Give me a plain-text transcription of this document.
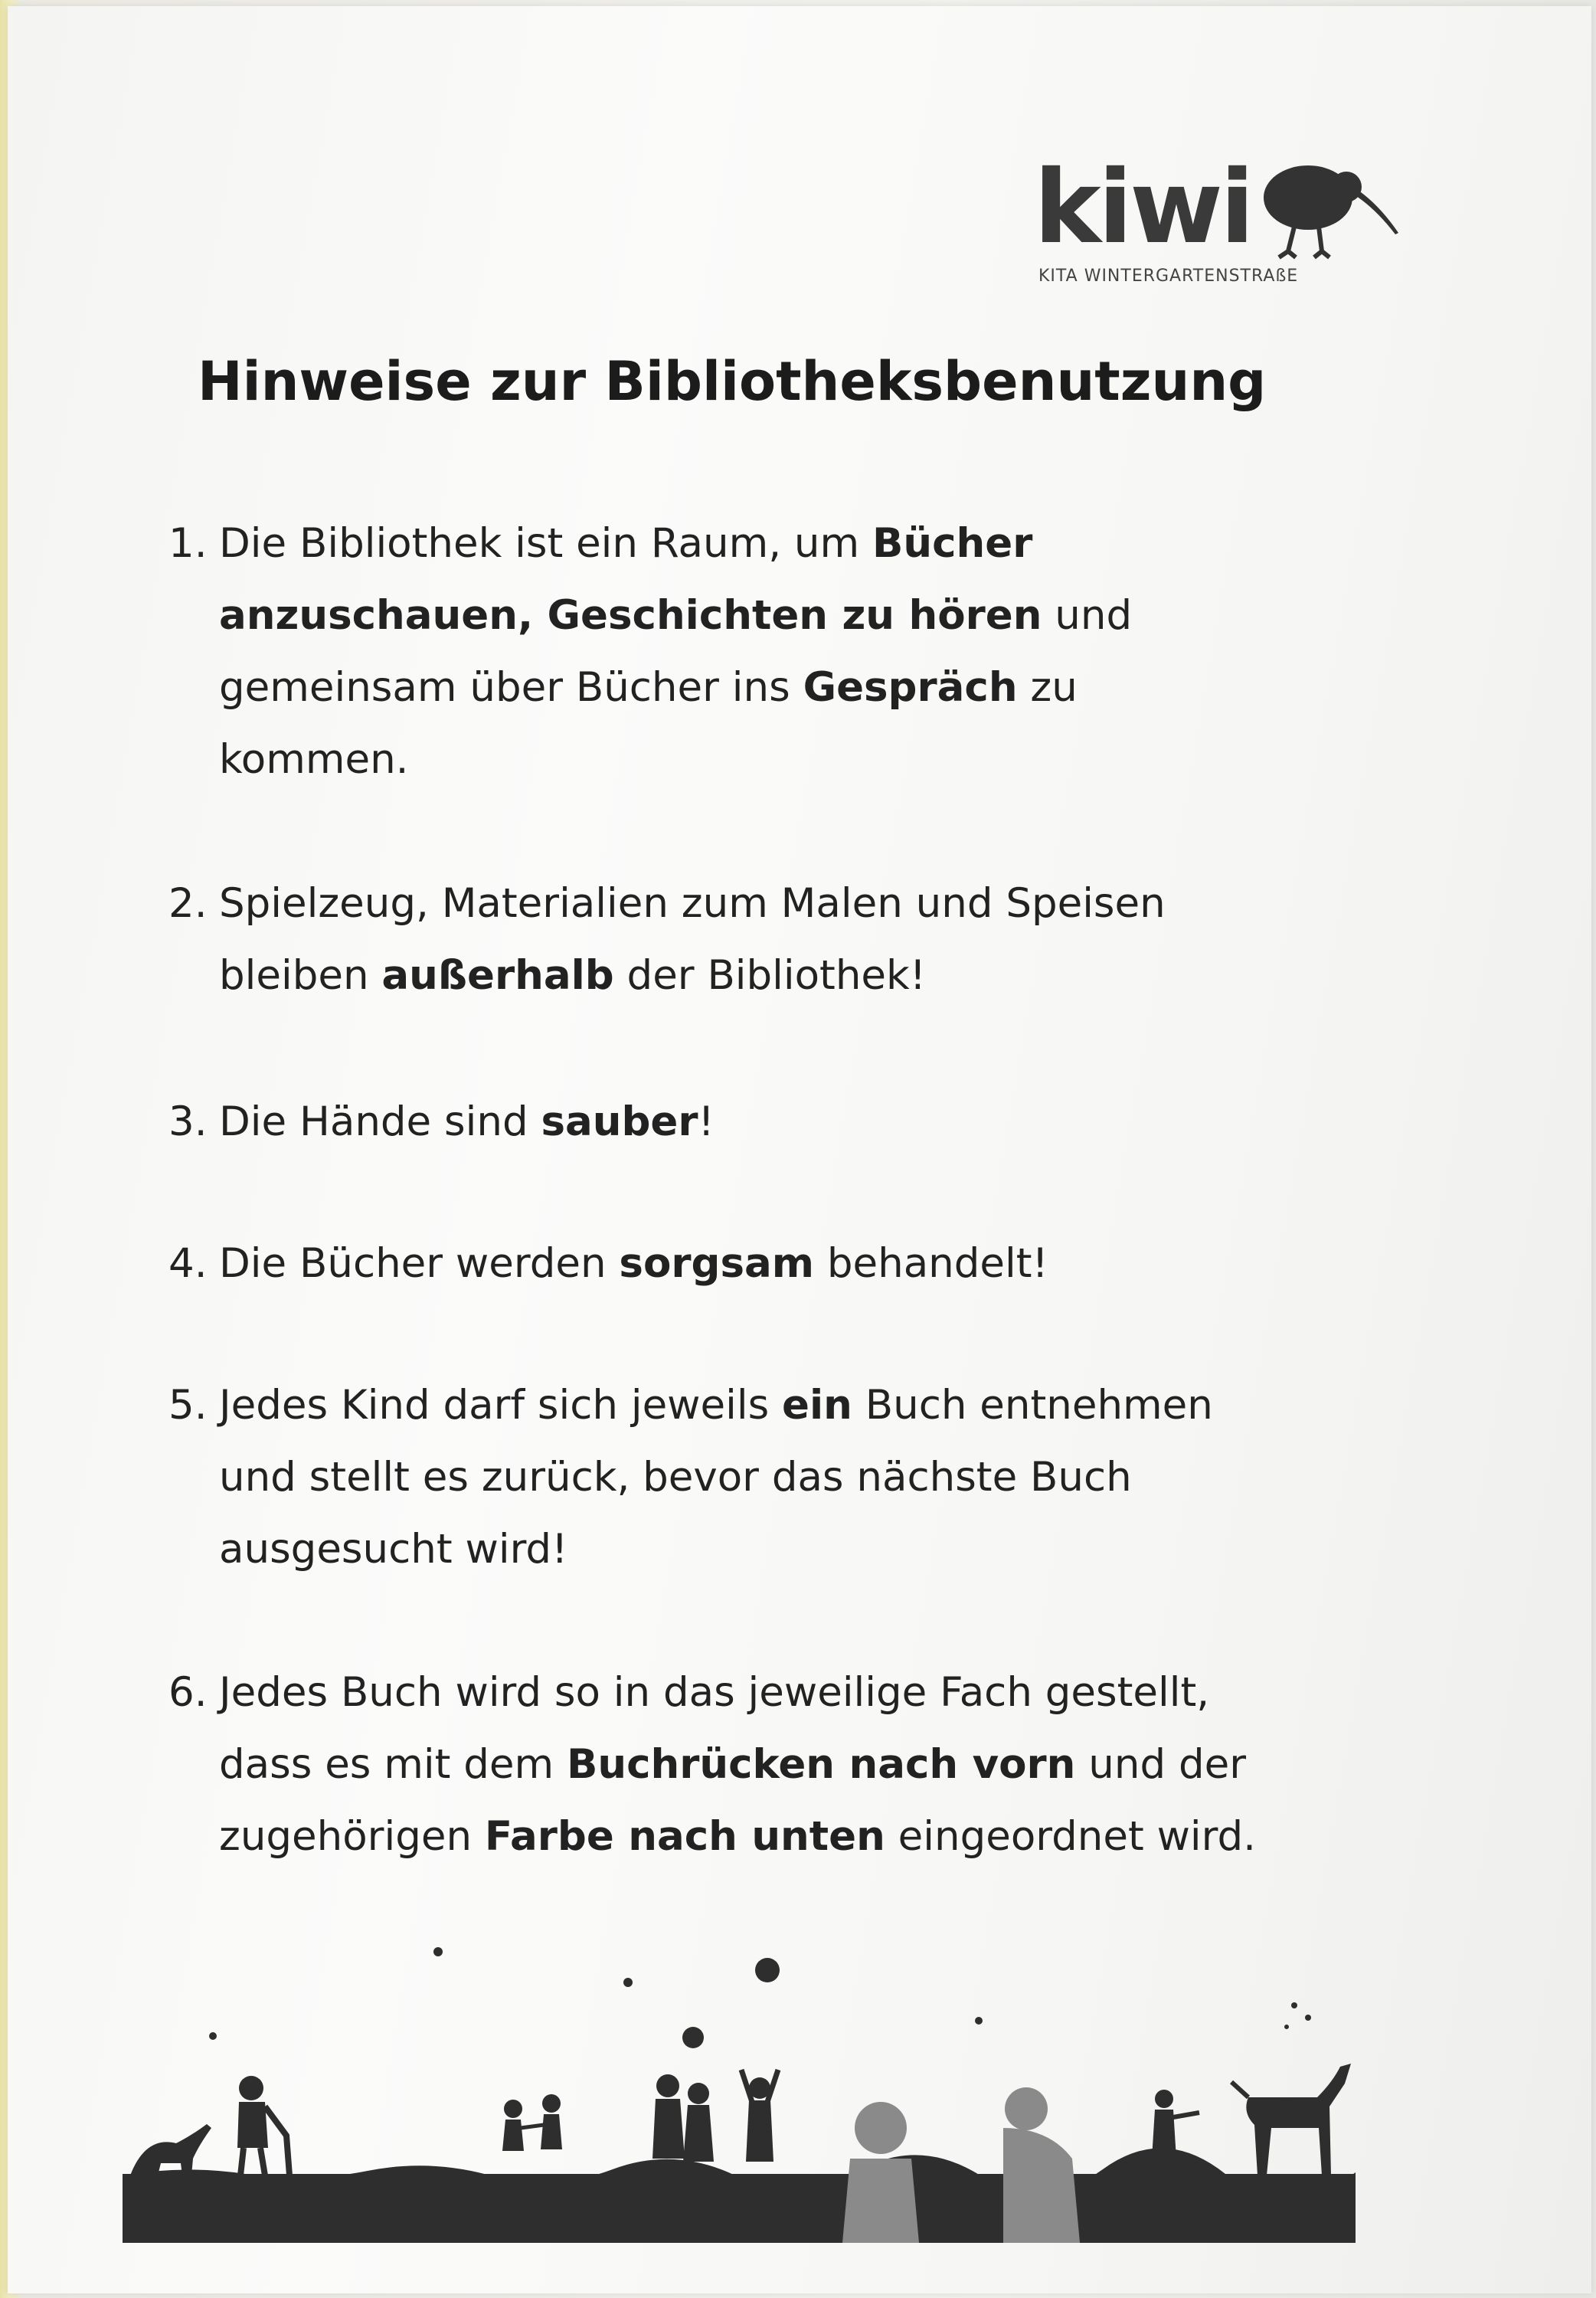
kiwi
KITA WINTERGARTENSTRAßE
Hinweise zur Bibliotheksbenutzung
1. Die Bibliothek ist ein Raum, um Bücher
anzuschauen, Geschichten zu hören und
gemeinsam über Bücher ins Gespräch zu
kommen.
2. Spielzeug, Materialien zum Malen und Speisen
bleiben außerhalb der Bibliothek!
3. Die Hände sind sauber!
4. Die Bücher werden sorgsam behandelt!
5. Jedes Kind darf sich jeweils ein Buch entnehmen
und stellt es zurück, bevor das nächste Buch
ausgesucht wird!
6. Jedes Buch wird so in das jeweilige Fach gestellt,
dass es mit dem Buchrücken nach vorn und der
zugehörigen Farbe nach unten eingeordnet wird.
